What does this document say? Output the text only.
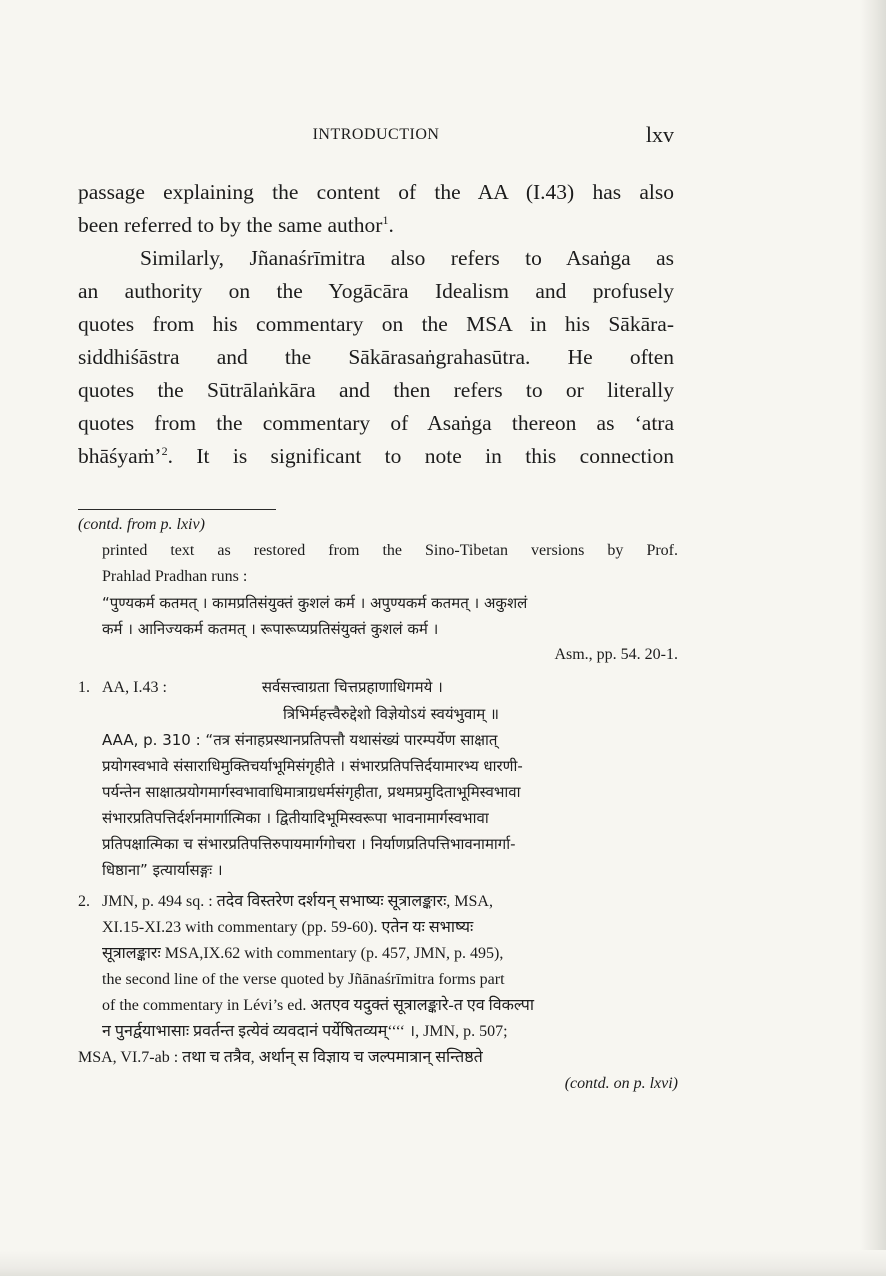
INTRODUCTION	lxv
passage explaining the content of the AA (I.43) has also
been referred to by the same author$^1$.
Similarly, Jñanaśrīmitra also refers to Asaṅga as
an authority on the Yogācāra Idealism and profusely
quotes from his commentary on the MSA in his Sākāra-
siddhiśāstra and the Sākārasaṅgrahasūtra. He often
quotes the Sūtrālaṅkāra and then refers to or literally
quotes from the commentary of Asaṅga thereon as ‘atra
bhāśyaṁ’$^2$. It is significant to note in this connection
(contd. from p. lxiv)
printed text as restored from the Sino-Tibetan versions by Prof.
Prahlad Pradhan runs :
“पुण्यकर्म कतमत् । कामप्रतिसंयुक्तं कुशलं कर्म । अपुण्यकर्म कतमत् । अकुशलं
कर्म । आनिज्यकर्म कतमत् । रूपारूप्यप्रतिसंयुक्तं कुशलं कर्म ।
Asm., pp. 54. 20-1.
1. AA, I.43 :	सर्वसत्त्वाग्रता चित्तप्रहाणाधिगमये ।
त्रिभिर्महत्त्वैरुद्देशो विज्ञेयोऽयं स्वयंभुवाम् ॥
AAA, p. 310 : “तत्र संनाहप्रस्थानप्रतिपत्तौ यथासंख्यं पारम्पर्येण साक्षात्
प्रयोगस्वभावे संसाराधिमुक्तिचर्याभूमिसंगृहीते । संभारप्रतिपत्तिर्दयामारभ्य धारणी-
पर्यन्तेन साक्षात्प्रयोगमार्गस्वभावाधिमात्राग्रधर्मसंगृहीता, प्रथमप्रमुदिताभूमिस्वभावा
संभारप्रतिपत्तिर्दर्शनमार्गात्मिका । द्वितीयादिभूमिस्वरूपा भावनामार्गस्वभावा
प्रतिपक्षात्मिका च संभारप्रतिपत्तिरुपायमार्गगोचरा । निर्याणप्रतिपत्तिभावनामार्गा-
धिष्ठाना” इत्यार्यासङ्गः ।
2. JMN, p. 494 sq. : तदेव विस्तरेण दर्शयन् सभाष्यः सूत्रालङ्कारः, MSA,
XI.15-XI.23 with commentary (pp. 59-60). एतेन यः सभाष्यः
सूत्रालङ्कारः MSA,IX.62 with commentary (p. 457, JMN, p. 495),
the second line of the verse quoted by Jñānaśrīmitra forms part
of the commentary in Lévi’s ed. अतएव यदुक्तं सूत्रालङ्कारे-त एव विकल्पा
न पुनर्द्वयाभासाः प्रवर्तन्त इत्येवं व्यवदानं पर्येषितव्यम्‘‘‘‘ ।, JMN, p. 507;
MSA, VI.7-ab : तथा च तत्रैव, अर्थान् स विज्ञाय च जल्पमात्रान् सन्तिष्ठते
(contd. on p. lxvi)
